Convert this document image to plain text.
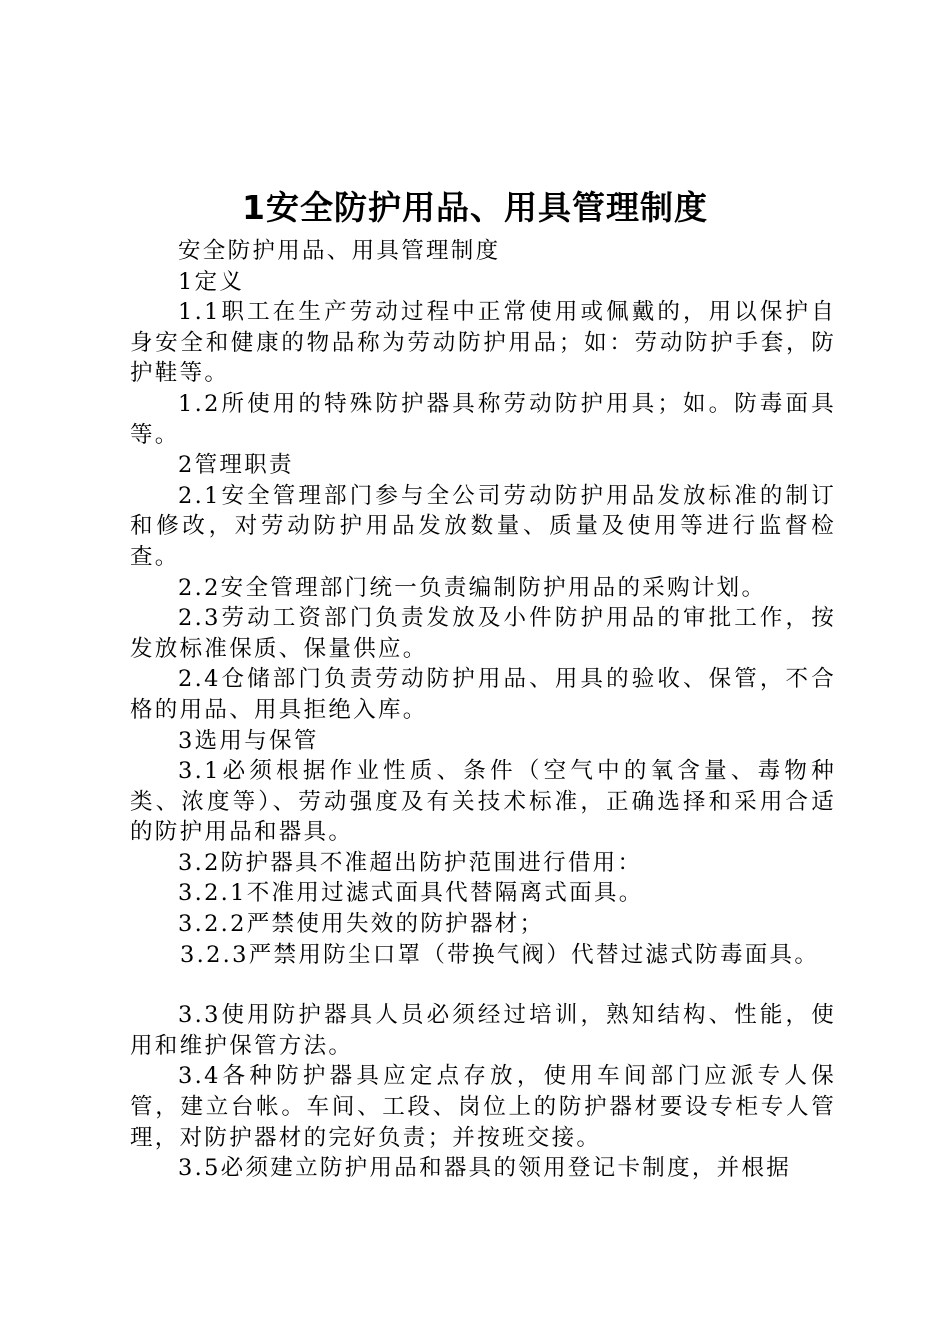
1安全防护用品、用具管理制度

安全防护用品、用具管理制度

1定义

1.1职工在生产劳动过程中正常使用或佩戴的，用以保护自身安全和健康的物品称为劳动防护用品；如：劳动防护手套，防护鞋等。

1.2所使用的特殊防护器具称劳动防护用具；如。防毒面具等。

2管理职责

2.1安全管理部门参与全公司劳动防护用品发放标准的制订和修改，对劳动防护用品发放数量、质量及使用等进行监督检查。

2.2安全管理部门统一负责编制防护用品的采购计划。

2.3劳动工资部门负责发放及小件防护用品的审批工作，按发放标准保质、保量供应。

2.4仓储部门负责劳动防护用品、用具的验收、保管，不合格的用品、用具拒绝入库。

3选用与保管

3.1必须根据作业性质、条件（空气中的氧含量、毒物种类、浓度等）、劳动强度及有关技术标准，正确选择和采用合适的防护用品和器具。

3.2防护器具不准超出防护范围进行借用：

3.2.1不准用过滤式面具代替隔离式面具。

3.2.2严禁使用失效的防护器材；

3.2.3严禁用防尘口罩（带换气阀）代替过滤式防毒面具。

3.3使用防护器具人员必须经过培训，熟知结构、性能，使用和维护保管方法。

3.4各种防护器具应定点存放，使用车间部门应派专人保管，建立台帐。车间、工段、岗位上的防护器材要设专柜专人管理，对防护器材的完好负责；并按班交接。

3.5必须建立防护用品和器具的领用登记卡制度，并根据
